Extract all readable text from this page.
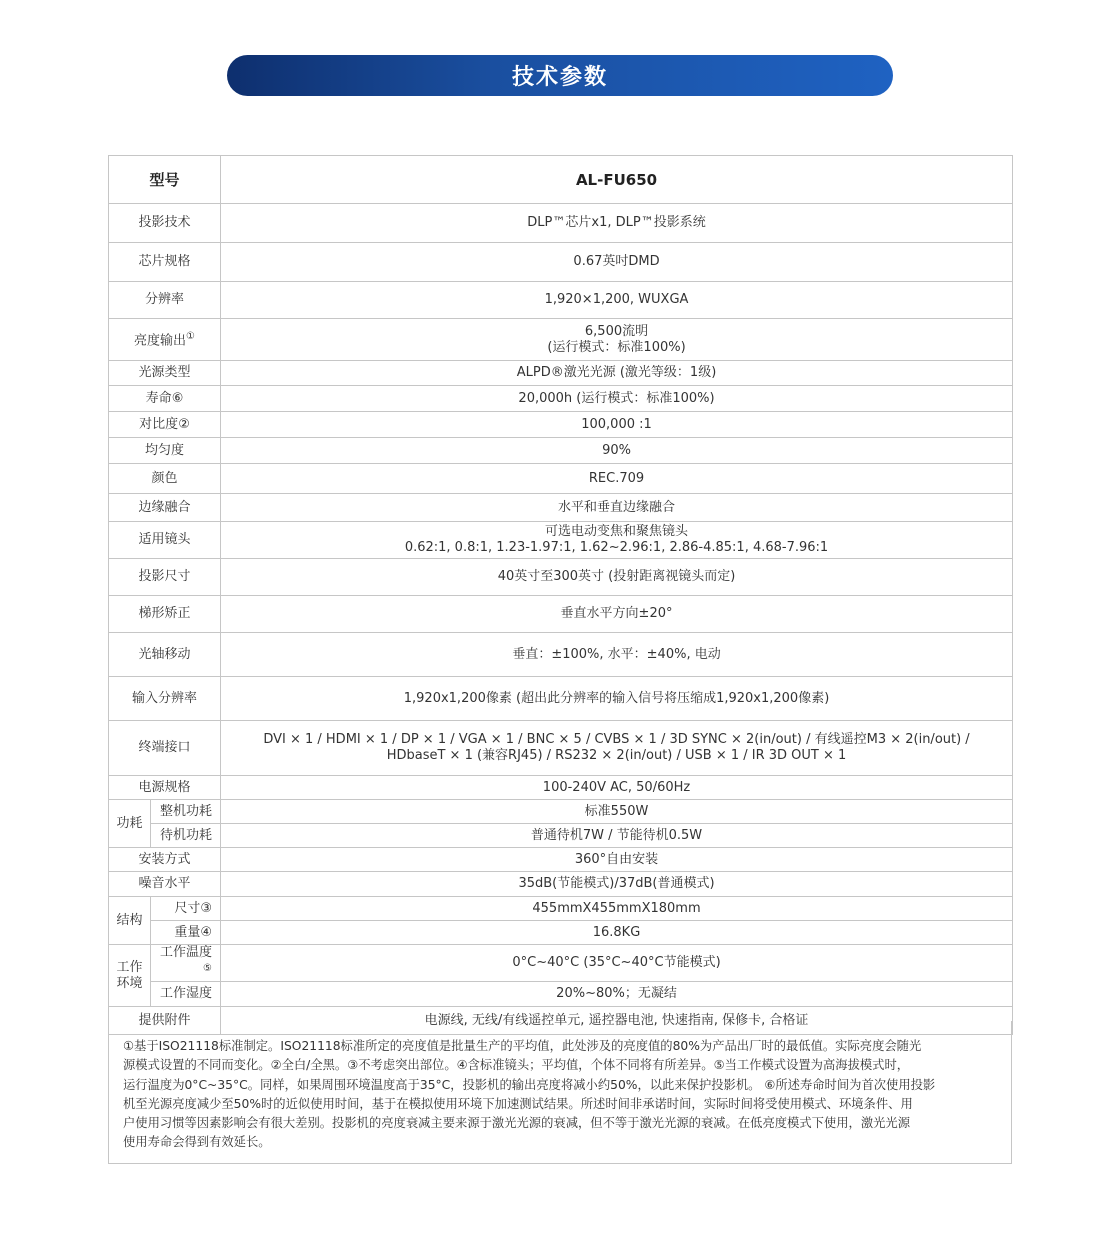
技术参数
型号		AL-FU650
投影技术		DLP™芯片x1, DLP™投影系统
芯片规格		0.67英吋DMD
分辨率		1,920×1,200, WUXGA
亮度输出①		6,500流明
(运行模式：标准100%)

光源类型		ALPD®激光光源 (激光等级：1级)
寿命⑥		20,000h (运行模式：标准100%)
对比度②		100,000 :1
均匀度		90%
颜色		REC.709
边缘融合		水平和垂直边缘融合
适用镜头		可选电动变焦和聚焦镜头
0.62:1, 0.8:1, 1.23-1.97:1, 1.62~2.96:1, 2.86-4.85:1, 4.68-7.96:1

投影尺寸		40英寸至300英寸 (投射距离视镜头而定)
梯形矫正		垂直水平方向±20°
光轴移动		垂直：±100%, 水平：±40%, 电动
输入分辨率		1,920x1,200像素 (超出此分辨率的输入信号将压缩成1,920x1,200像素)
终端接口		DVI × 1 / HDMI × 1 / DP × 1 / VGA × 1 / BNC × 5 / CVBS × 1 / 3D SYNC × 2(in/out) / 有线遥控M3 × 2(in/out) /
HDbaseT × 1 (兼容RJ45) / RS232 × 2(in/out) / USB × 1 / IR 3D OUT × 1

电源规格		100-240V AC, 50/60Hz
功耗	整机功耗	标准550W
	待机功耗	普通待机7W / 节能待机0.5W
安装方式		360°自由安装
噪音水平		35dB(节能模式)/37dB(普通模式)
结构	尺寸③	455mmX455mmX180mm
	重量④	16.8KG

工作
环境	工作温度⑤	0°C~40°C (35°C~40°C节能模式)
	工作湿度	20%~80%；无凝结
提供附件		电源线, 无线/有线遥控单元, 遥控器电池, 快速指南, 保修卡, 合格证
①基于ISO21118标准制定。ISO21118标准所定的亮度值是批量生产的平均值，此处涉及的亮度值的80%为产品出厂时的最低值。实际亮度会随光
源模式设置的不同而变化。②全白/全黑。③不考虑突出部位。④含标准镜头；平均值，个体不同将有所差异。⑤当工作模式设置为高海拔模式时，
运行温度为0°C~35°C。同样，如果周围环境温度高于35°C，投影机的输出亮度将减小约50%，以此来保护投影机。 ⑥所述寿命时间为首次使用投影
机至光源亮度减少至50%时的近似使用时间，基于在模拟使用环境下加速测试结果。所述时间非承诺时间，实际时间将受使用模式、环境条件、用
户使用习惯等因素影响会有很大差别。投影机的亮度衰减主要来源于激光光源的衰减，但不等于激光光源的衰减。在低亮度模式下使用，激光光源
使用寿命会得到有效延长。
